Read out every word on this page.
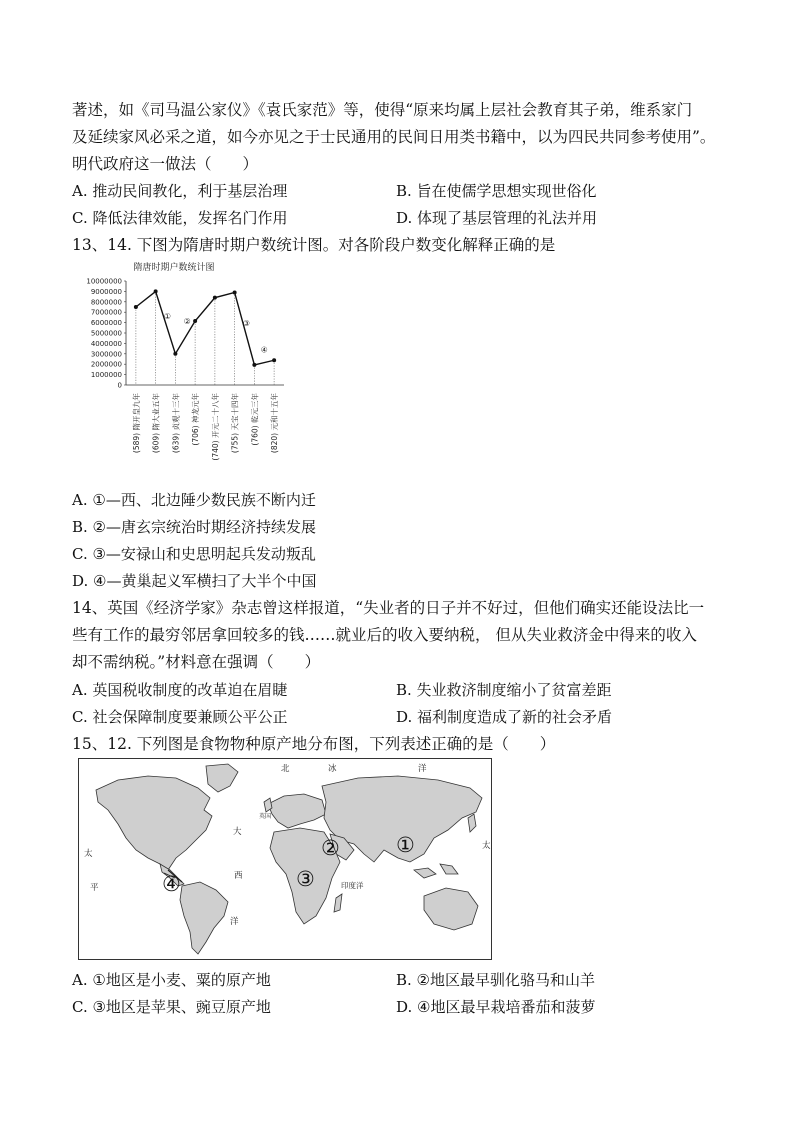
著述，如《司马温公家仪》《袁氏家范》等，使得“原来均属上层社会教育其子弟，维系家门
及延续家风必采之道，如今亦见之于士民通用的民间日用类书籍中，以为四民共同参考使用”。
明代政府这一做法（　　）
A. 推动民间教化，利于基层治理	B. 旨在使儒学思想实现世俗化
C. 降低法律效能，发挥名门作用	D. 体现了基层管理的礼法并用
13、14. 下图为隋唐时期户数统计图。对各阶段户数变化解释正确的是
隋唐时期户数统计图
0
1000000
2000000
3000000
4000000
5000000
6000000
7000000
8000000
9000000
10000000
①
②	③
④
(589) 隋开皇九年 (609) 隋大业五年 (639) 贞观十三年 (706) 神龙元年 (740) 开元二十八年 (755) 天宝十四年 (760) 乾元三年 (820) 元和十五年
A. ①—西、北边陲少数民族不断内迁
B. ②—唐玄宗统治时期经济持续发展
C. ③—安禄山和史思明起兵发动叛乱
D. ④—黄巢起义军横扫了大半个中国
14、英国《经济学家》杂志曾这样报道，“失业者的日子并不好过，但他们确实还能设法比一
些有工作的最穷邻居拿回较多的钱……就业后的收入要纳税， 但从失业救济金中得来的收入
却不需纳税。”材料意在强调（　　）
A. 英国税收制度的改革迫在眉睫	B. 失业救济制度缩小了贫富差距
C. 社会保障制度要兼顾公平公正	D. 福利制度造成了新的社会矛盾
15、12. 下列图是食物物种原产地分布图，下列表述正确的是（　　）
北	冰	洋
英国
大
西
洋
太
平
太
印度洋
①
②
③
④
A. ①地区是小麦、粟的原产地	B. ②地区最早驯化骆马和山羊
C. ③地区是苹果、豌豆原产地	D. ④地区最早栽培番茄和菠萝
